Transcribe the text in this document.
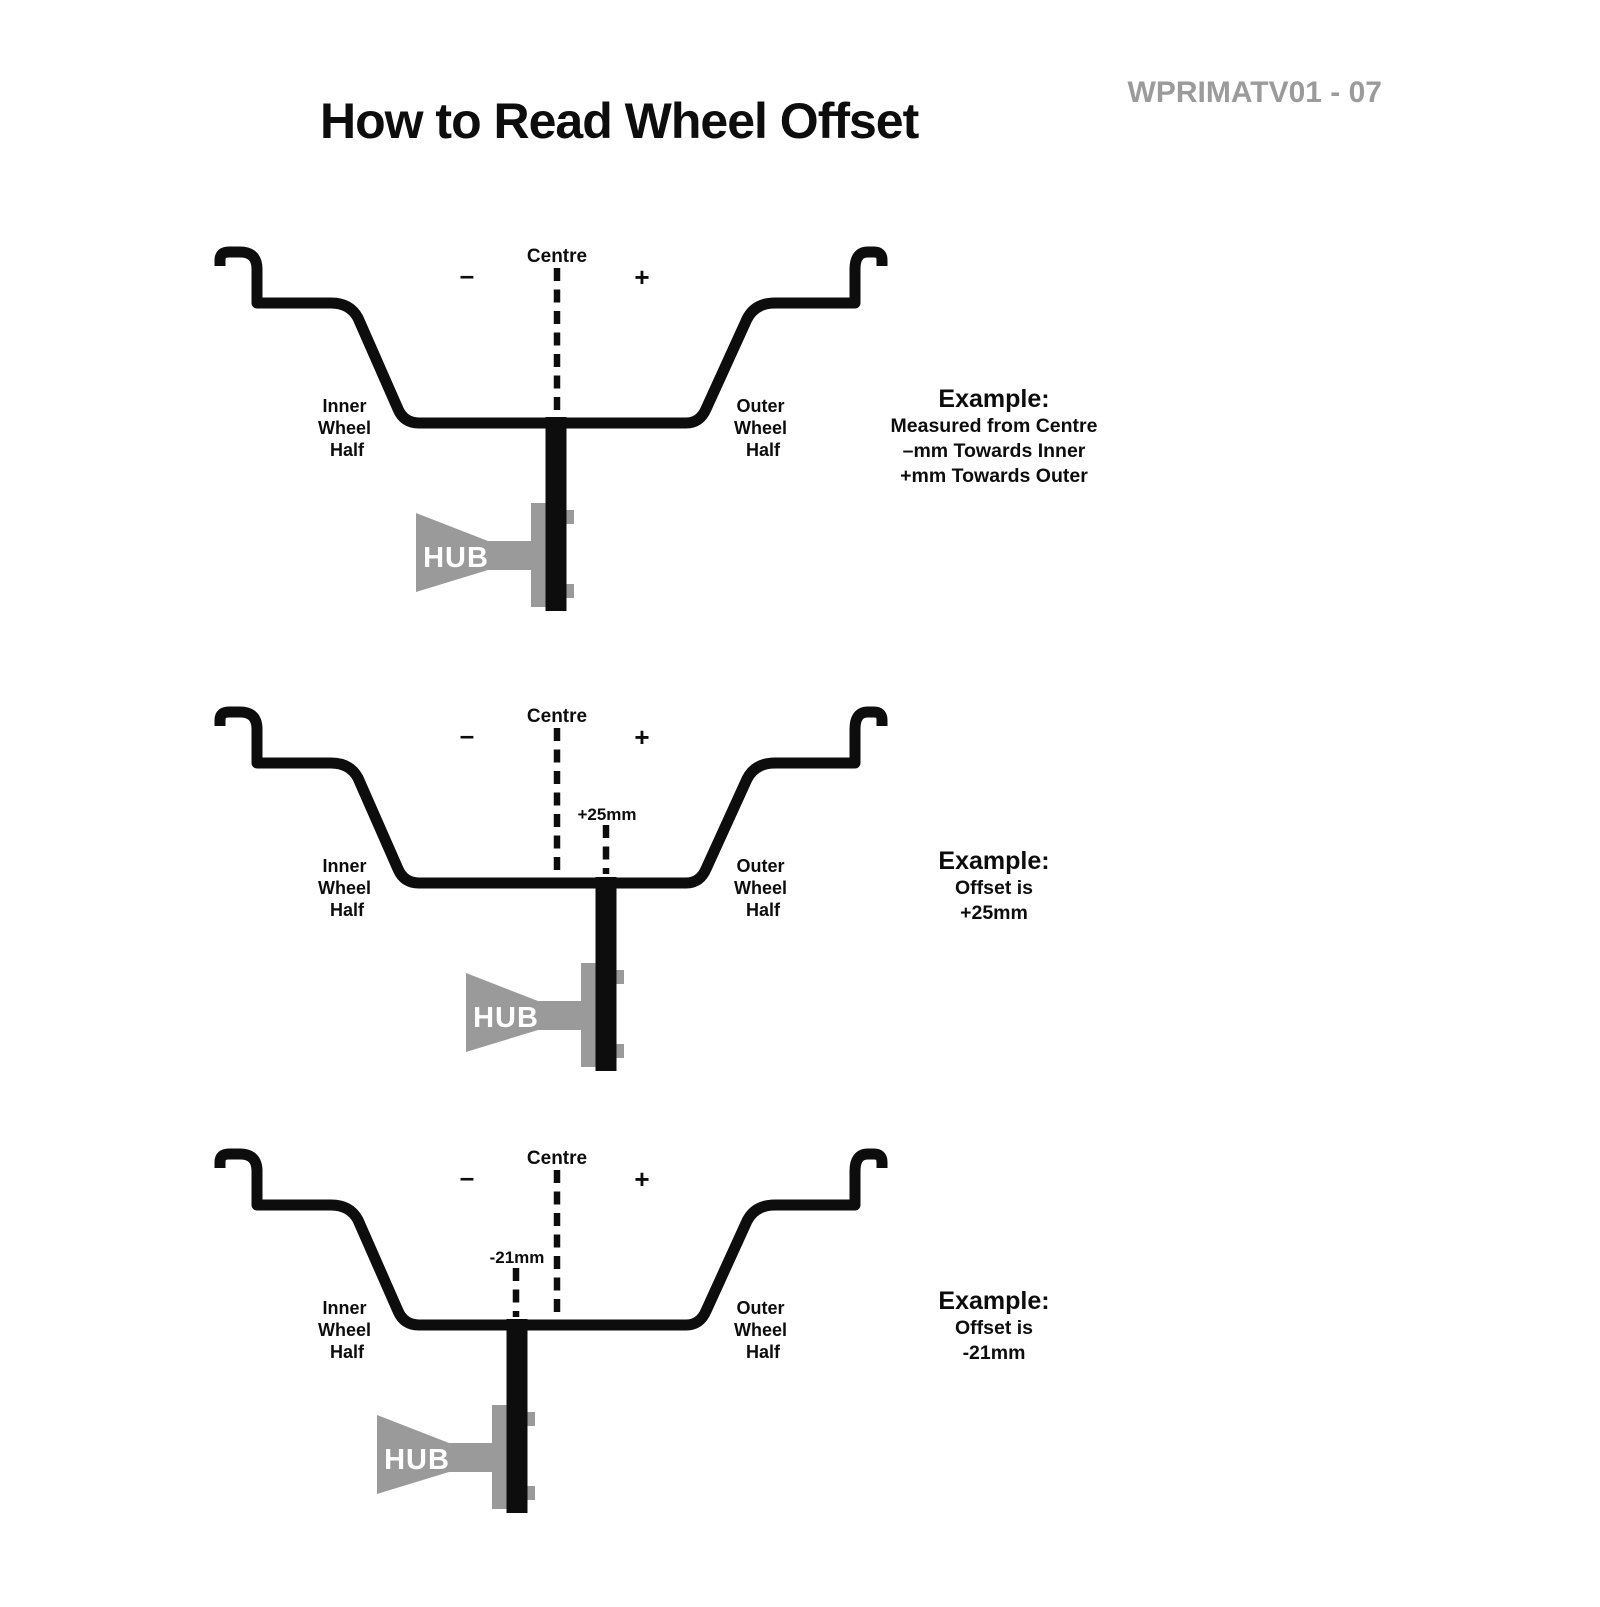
How to Read Wheel Offset
WPRIMATV01 - 07
Centre
–	+
Inner Wheel Half
Outer Wheel Half
HUB
Example:
Measured from Centre
–mm Towards Inner
+mm Towards Outer
+25mm
Centre
–	+
Inner Wheel Half
Outer Wheel Half
HUB
Example:
Offset is
+25mm
-21mm
Centre
–	+
Inner Wheel Half
Outer Wheel Half
HUB
Example:
Offset is
-21mm
